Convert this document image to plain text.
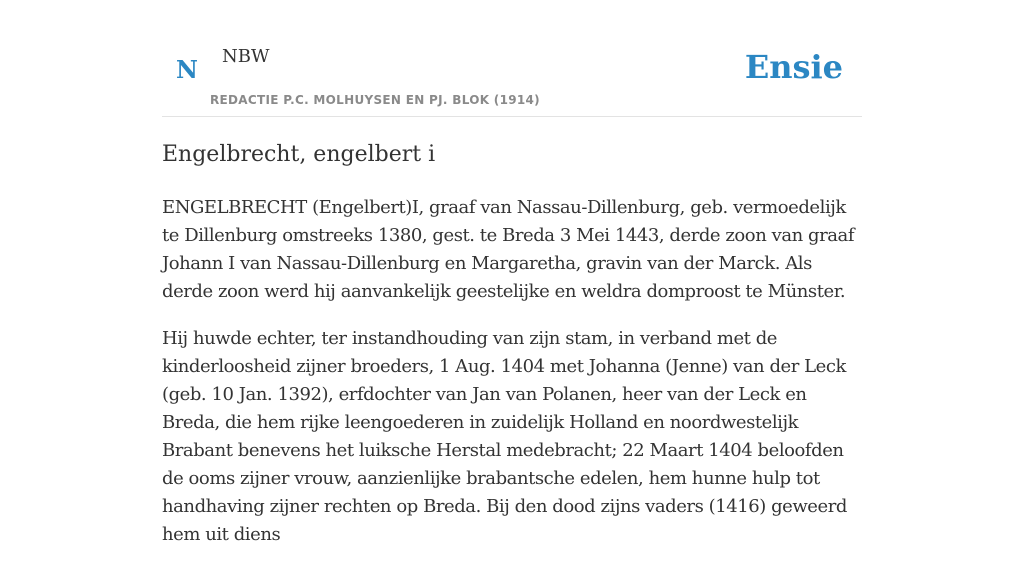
N NBW
REDACTIE P.C. MOLHUYSEN EN PJ. BLOK (1914)
Ensie
Engelbrecht, engelbert i

ENGELBRECHT (Engelbert)I, graaf van Nassau-Dillenburg, geb. vermoedelijk te Dillenburg omstreeks 1380, gest. te Breda 3 Mei 1443, derde zoon van graaf Johann I van Nassau-Dillenburg en Margaretha, gravin van der Marck. Als derde zoon werd hij aanvankelijk geestelijke en weldra domproost te Münster.

Hij huwde echter, ter instandhouding van zijn stam, in verband met de kinderloosheid zijner broeders, 1 Aug. 1404 met Johanna (Jenne) van der Leck (geb. 10 Jan. 1392), erfdochter van Jan van Polanen, heer van der Leck en Breda, die hem rijke leengoederen in zuidelijk Holland en noordwestelijk Brabant benevens het luiksche Herstal medebracht; 22 Maart 1404 beloofden de ooms zijner vrouw, aanzienlijke brabantsche edelen, hem hunne hulp tot handhaving zijner rechten op Breda. Bij den dood zijns vaders (1416) geweerd hem uit diens
